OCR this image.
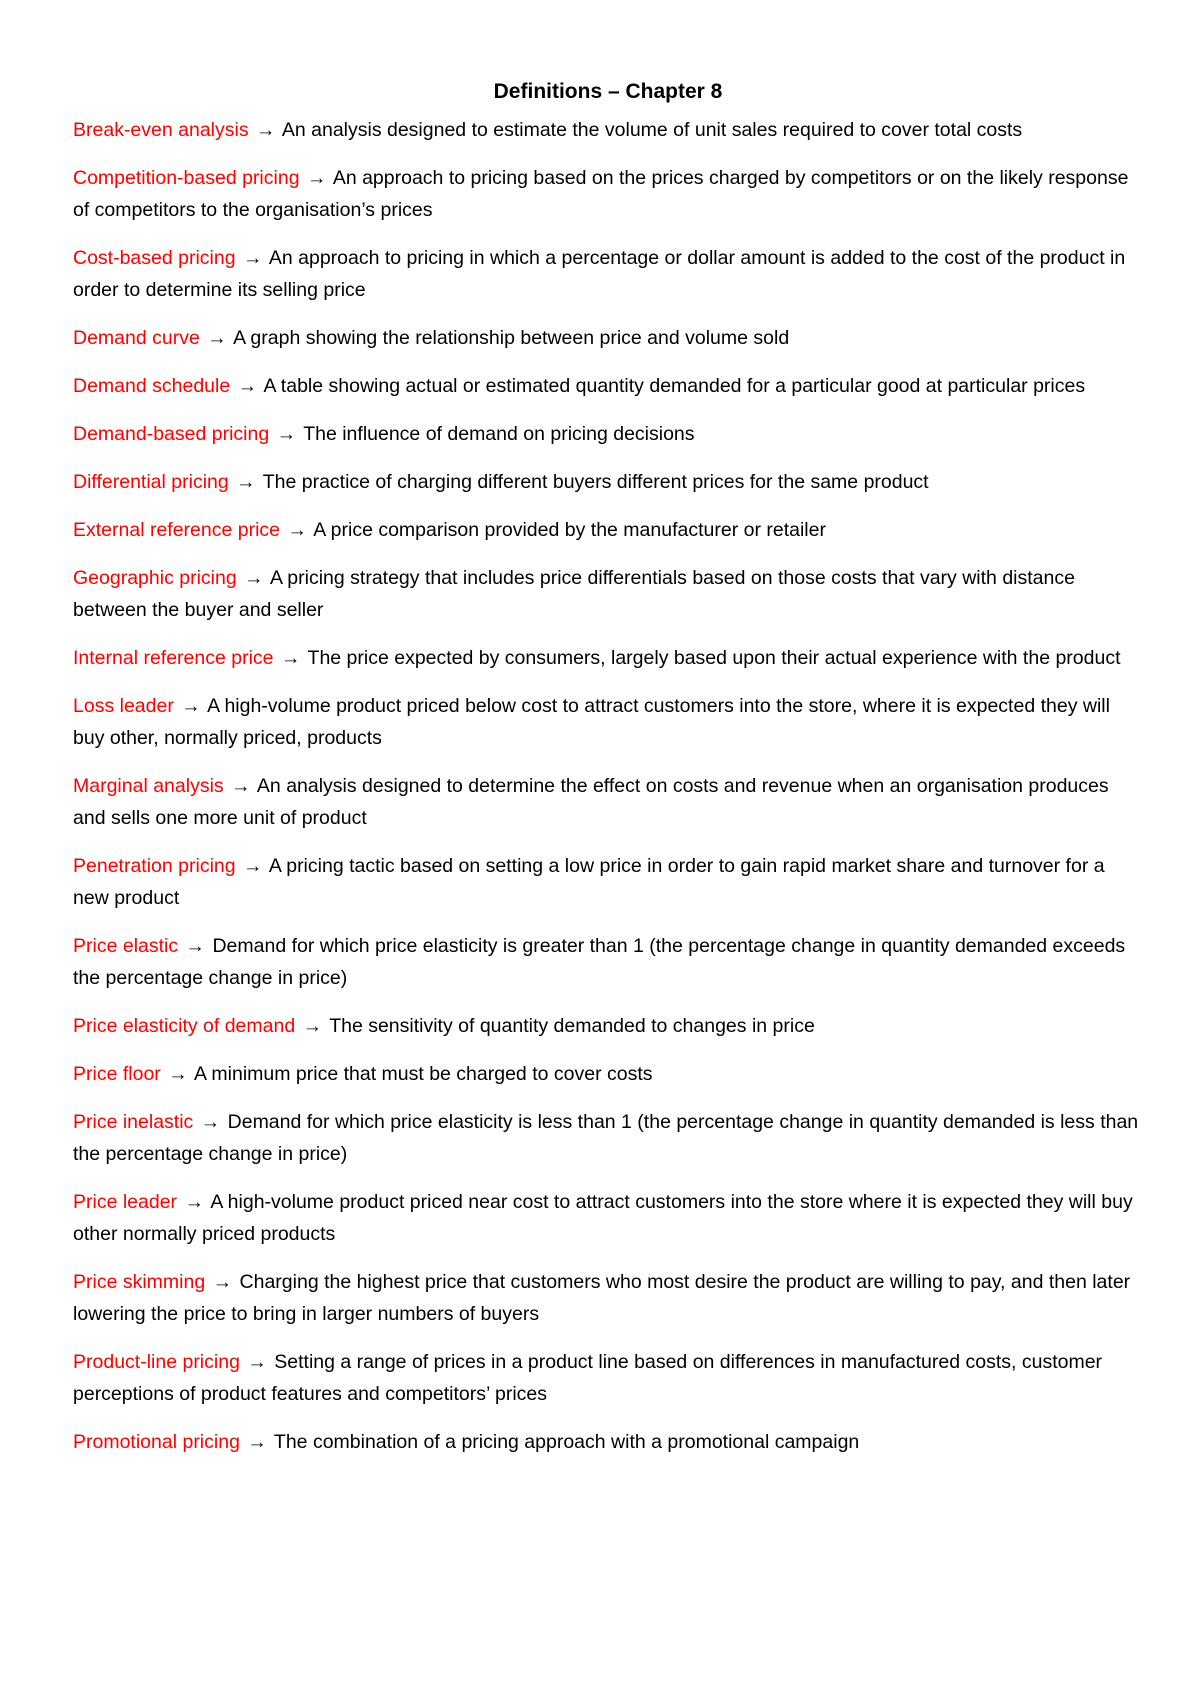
Definitions – Chapter 8

Break-even analysis → An analysis designed to estimate the volume of unit sales required to cover total costs

Competition-based pricing → An approach to pricing based on the prices charged by competitors or on the likely response of competitors to the organisation’s prices

Cost-based pricing → An approach to pricing in which a percentage or dollar amount is added to the cost of the product in order to determine its selling price

Demand curve → A graph showing the relationship between price and volume sold

Demand schedule → A table showing actual or estimated quantity demanded for a particular good at particular prices

Demand-based pricing → The influence of demand on pricing decisions

Differential pricing → The practice of charging different buyers different prices for the same product

External reference price → A price comparison provided by the manufacturer or retailer

Geographic pricing → A pricing strategy that includes price differentials based on those costs that vary with distance between the buyer and seller

Internal reference price → The price expected by consumers, largely based upon their actual experience with the product

Loss leader → A high-volume product priced below cost to attract customers into the store, where it is expected they will buy other, normally priced, products

Marginal analysis → An analysis designed to determine the effect on costs and revenue when an organisation produces and sells one more unit of product

Penetration pricing → A pricing tactic based on setting a low price in order to gain rapid market share and turnover for a new product

Price elastic → Demand for which price elasticity is greater than 1 (the percentage change in quantity demanded exceeds the percentage change in price)

Price elasticity of demand → The sensitivity of quantity demanded to changes in price

Price floor → A minimum price that must be charged to cover costs

Price inelastic → Demand for which price elasticity is less than 1 (the percentage change in quantity demanded is less than the percentage change in price)

Price leader → A high-volume product priced near cost to attract customers into the store where it is expected they will buy other normally priced products

Price skimming → Charging the highest price that customers who most desire the product are willing to pay, and then later lowering the price to bring in larger numbers of buyers

Product-line pricing → Setting a range of prices in a product line based on differences in manufactured costs, customer perceptions of product features and competitors’ prices

Promotional pricing → The combination of a pricing approach with a promotional campaign
